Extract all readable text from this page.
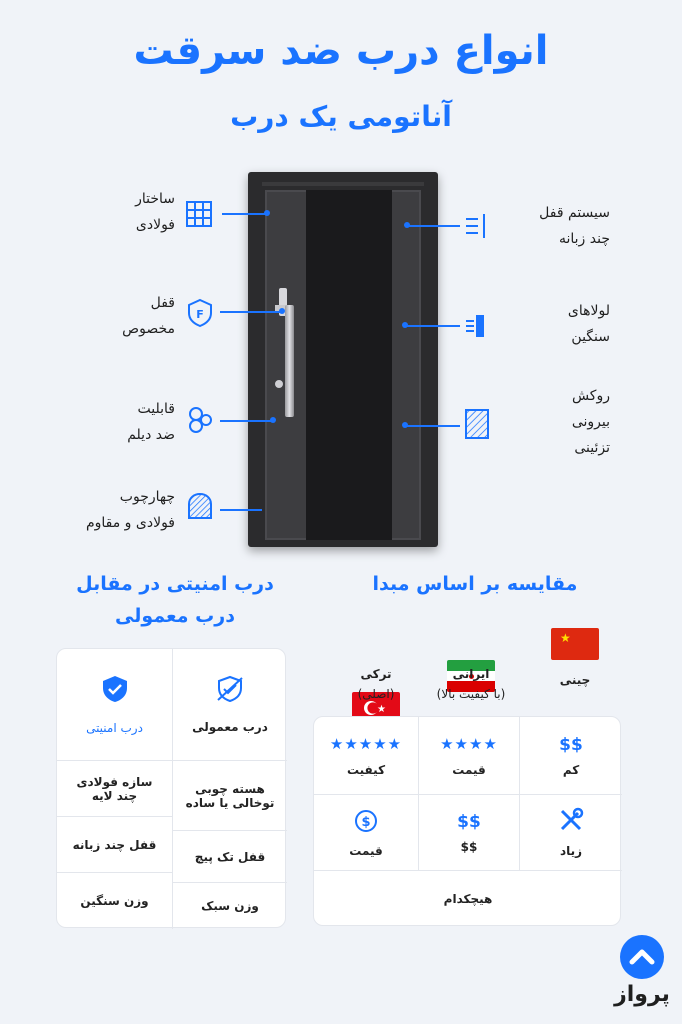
انواع درب ضد سرقت
آناتومی یک درب
ساختار
فولادی
قفل
مخصوص
F
قابلیت
ضد دیلم
چهارچوب
فولادی و مقاوم
سیستم قفل
چند زبانه
لولاهای
سنگین
روکش
بیرونی
تزئینی
درب امنیتی در مقابل
درب معمولی
درب معمولی
درب امنیتی
هسته چوبی توخالی یا ساده
قفل تک پیچ
وزن سبک
سازه فولادی چند لایه
قفل چند زبانه
وزن سنگین
مقایسه بر اساس مبدا
★
★
چینی
ایرانی
(با کیفیت بالا)
ترکی
(اصلی)
$$
کم
★★★★
قیمت
★★★★★
کیفیت
زیاد
$$
$$
$
قیمت
هیچکدام
پرواز
